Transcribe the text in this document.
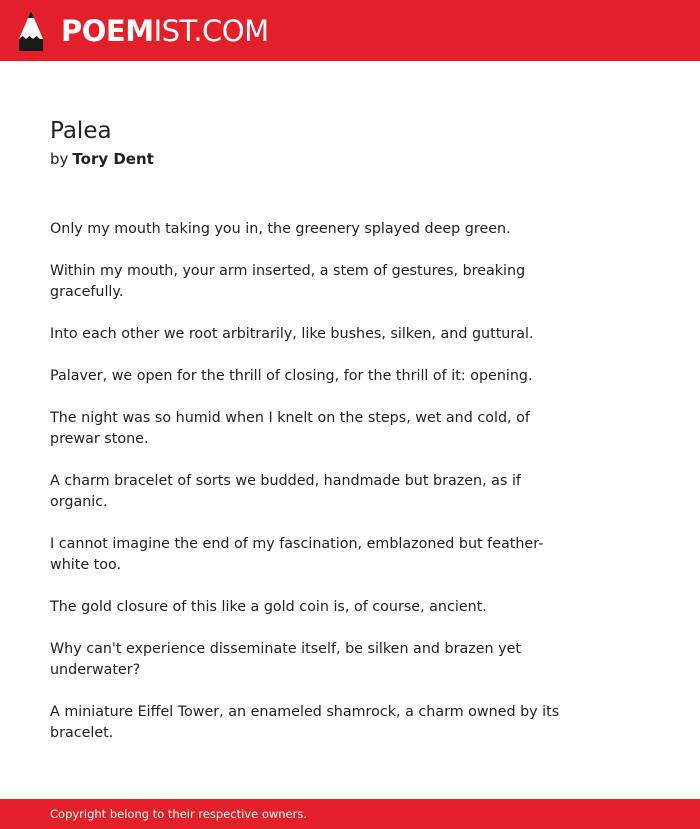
POEMIST.COM
Palea
by Tory Dent

Only my mouth taking you in, the greenery splayed deep green.

Within my mouth, your arm inserted, a stem of gestures, breaking gracefully.

Into each other we root arbitrarily, like bushes, silken, and guttural.

Palaver, we open for the thrill of closing, for the thrill of it: opening.

The night was so humid when I knelt on the steps, wet and cold, of prewar stone.

A charm bracelet of sorts we budded, handmade but brazen, as if organic.

I cannot imagine the end of my fascination, emblazoned but feather-white too.

The gold closure of this like a gold coin is, of course, ancient.

Why can't experience disseminate itself, be silken and brazen yet underwater?

A miniature Eiffel Tower, an enameled shamrock, a charm owned by its bracelet.

Copyright belong to their respective owners.
